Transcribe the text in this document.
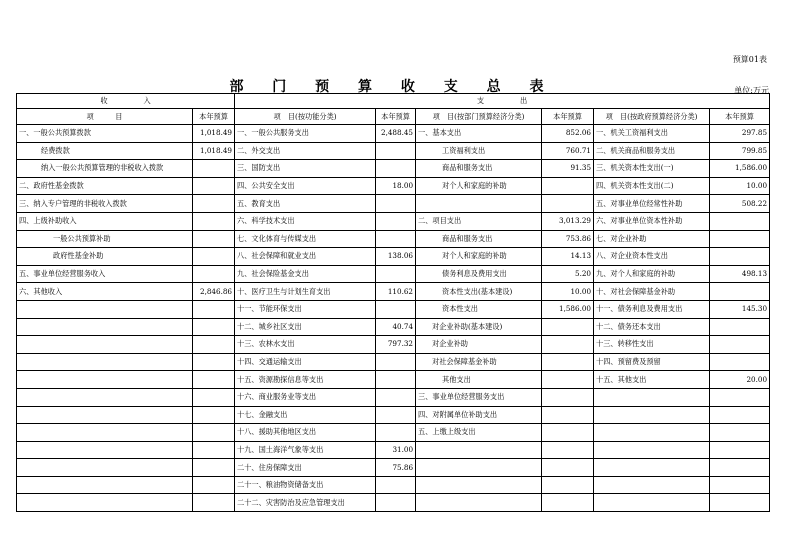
预算01表
部 门 预 算 收 支 总 表	单位:万元
收　　　　　入		支　　　　　出					
项　　　目	本年预算	项　目(按功能分类)	本年预算	项　目(按部门预算经济分类)	本年预算	项　目(按政府预算经济分类)	本年预算
一、一般公共预算拨款	1,018.49	一、一般公共服务支出	2,488.45	一、基本支出	852.06	一、机关工资福利支出	297.85
经费拨款	1,018.49	二、外交支出		工资福利支出	760.71	二、机关商品和服务支出	799.85
纳入一般公共预算管理的非税收入拨款		三、国防支出		商品和服务支出	91.35	三、机关资本性支出(一)	1,586.00
二、政府性基金拨款		四、公共安全支出	18.00	对个人和家庭的补助		四、机关资本性支出(二)	10.00
三、纳入专户管理的非税收入拨款		五、教育支出				五、对事业单位经常性补助	508.22
四、上级补助收入		六、科学技术支出		二、项目支出	3,013.29	六、对事业单位资本性补助	
一般公共预算补助		七、文化体育与传媒支出		商品和服务支出	753.86	七、对企业补助	
政府性基金补助		八、社会保障和就业支出	138.06	对个人和家庭的补助	14.13	八、对企业资本性支出	
五、事业单位经营服务收入		九、社会保险基金支出		债务利息及费用支出	5.20	九、对个人和家庭的补助	498.13
六、其他收入	2,846.86	十、医疗卫生与计划生育支出	110.62	资本性支出(基本建设)	10.00	十、对社会保障基金补助	
		十一、节能环保支出		资本性支出	1,586.00	十一、债务利息及费用支出	145.30
		十二、城乡社区支出	40.74	对企业补助(基本建设)		十二、债务还本支出	
		十三、农林水支出	797.32	对企业补助		十三、转移性支出	
		十四、交通运输支出		对社会保障基金补助		十四、预留费及预留	
		十五、资源勘探信息等支出		其他支出		十五、其他支出	20.00
		十六、商业服务业等支出		三、事业单位经营服务支出			
		十七、金融支出		四、对附属单位补助支出			
		十八、援助其他地区支出		五、上缴上级支出			
		十九、国土海洋气象等支出	31.00				
		二十、住房保障支出	75.86				
		二十一、粮油物资储备支出					
		二十二、灾害防治及应急管理支出					
